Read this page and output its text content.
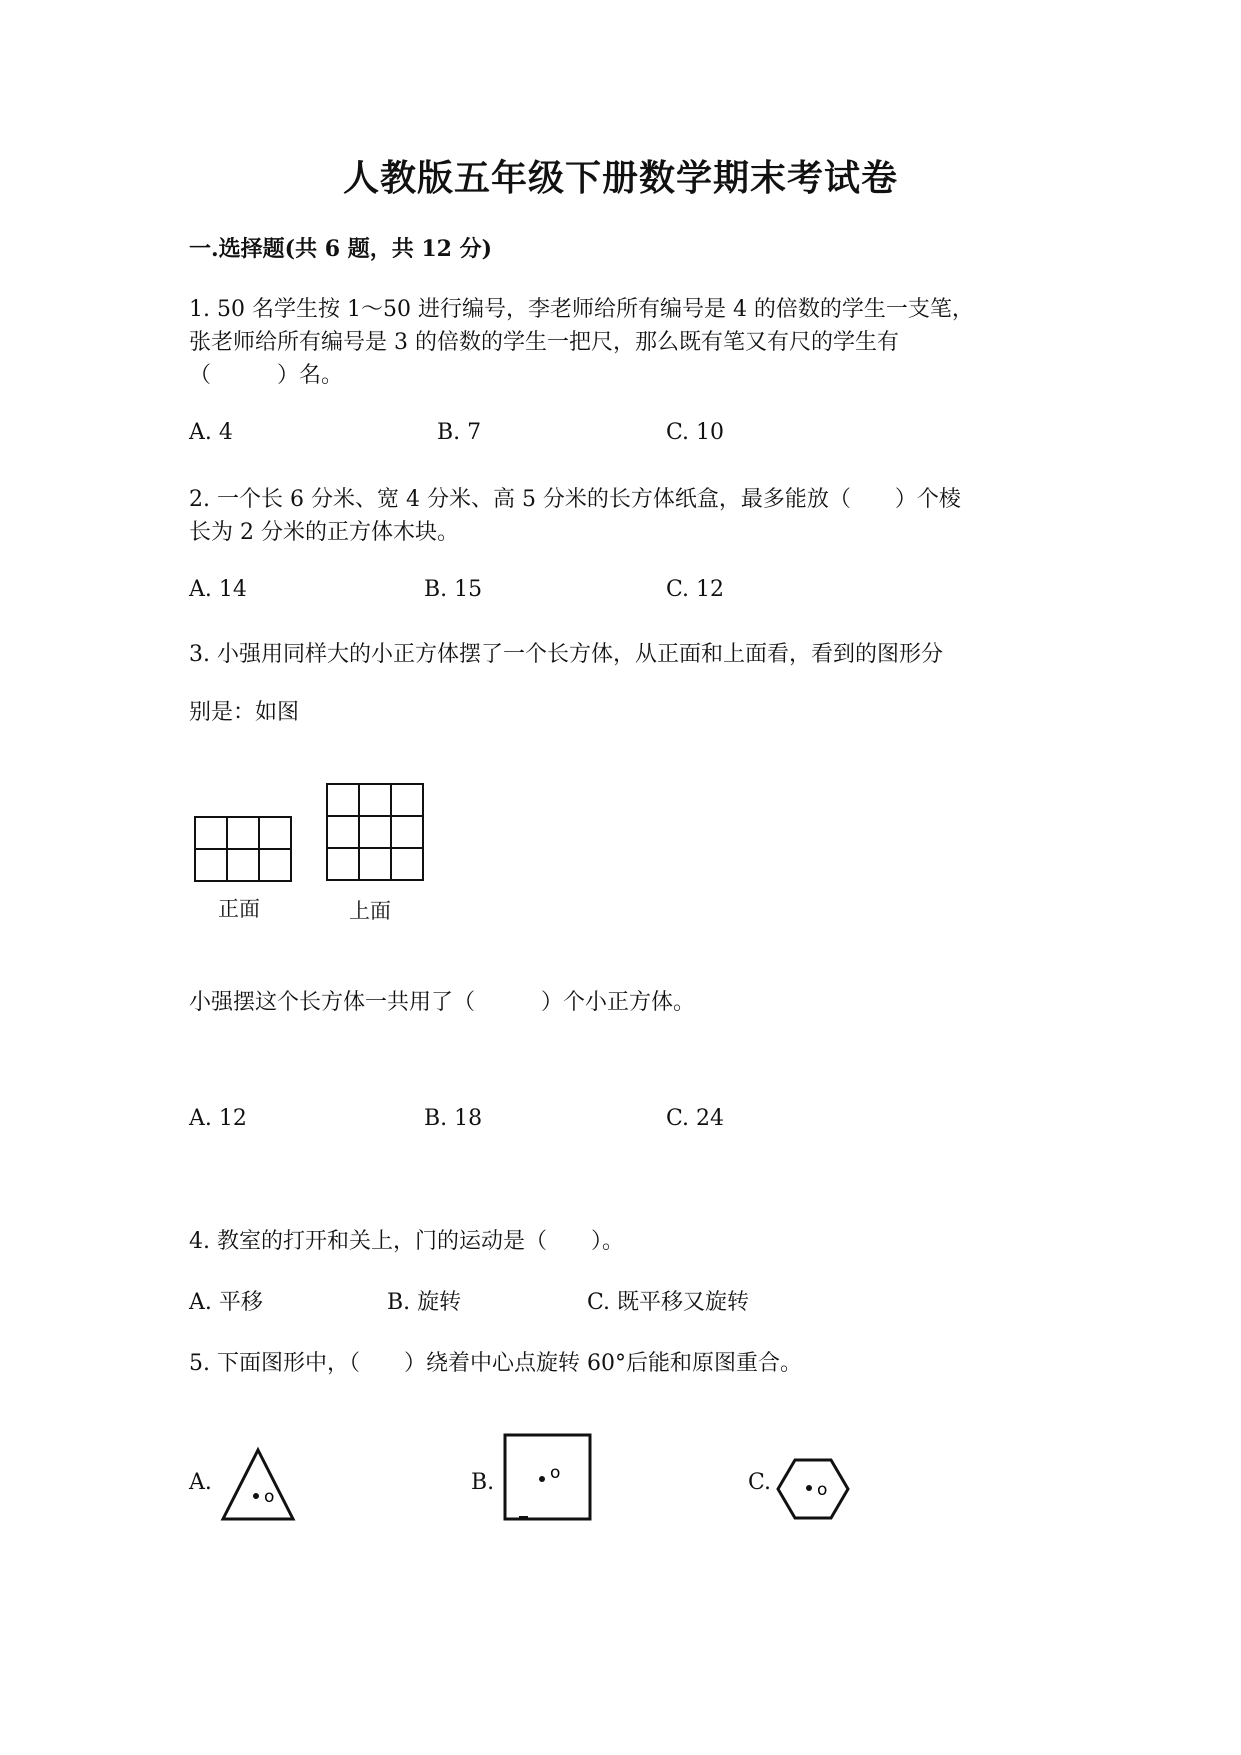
人教版五年级下册数学期末考试卷
一.选择题(共 6 题，共 12 分)
1. 50 名学生按 1～50 进行编号，李老师给所有编号是 4 的倍数的学生一支笔，
张老师给所有编号是 3 的倍数的学生一把尺，那么既有笔又有尺的学生有
（　　　）名。
A. 4	B. 7	C. 10
2. 一个长 6 分米、宽 4 分米、高 5 分米的长方体纸盒，最多能放（　　）个棱
长为 2 分米的正方体木块。
A. 14	B. 15	C. 12
3. 小强用同样大的小正方体摆了一个长方体，从正面和上面看，看到的图形分
别是：如图
正面	上面
小强摆这个长方体一共用了（　　　）个小正方体。
A. 12	B. 18	C. 24
4. 教室的打开和关上，门的运动是（　　）。
A. 平移	B. 旋转	C. 既平移又旋转
5. 下面图形中，（　　）绕着中心点旋转 60°后能和原图重合。
A.
o
B.	o	C.	o
